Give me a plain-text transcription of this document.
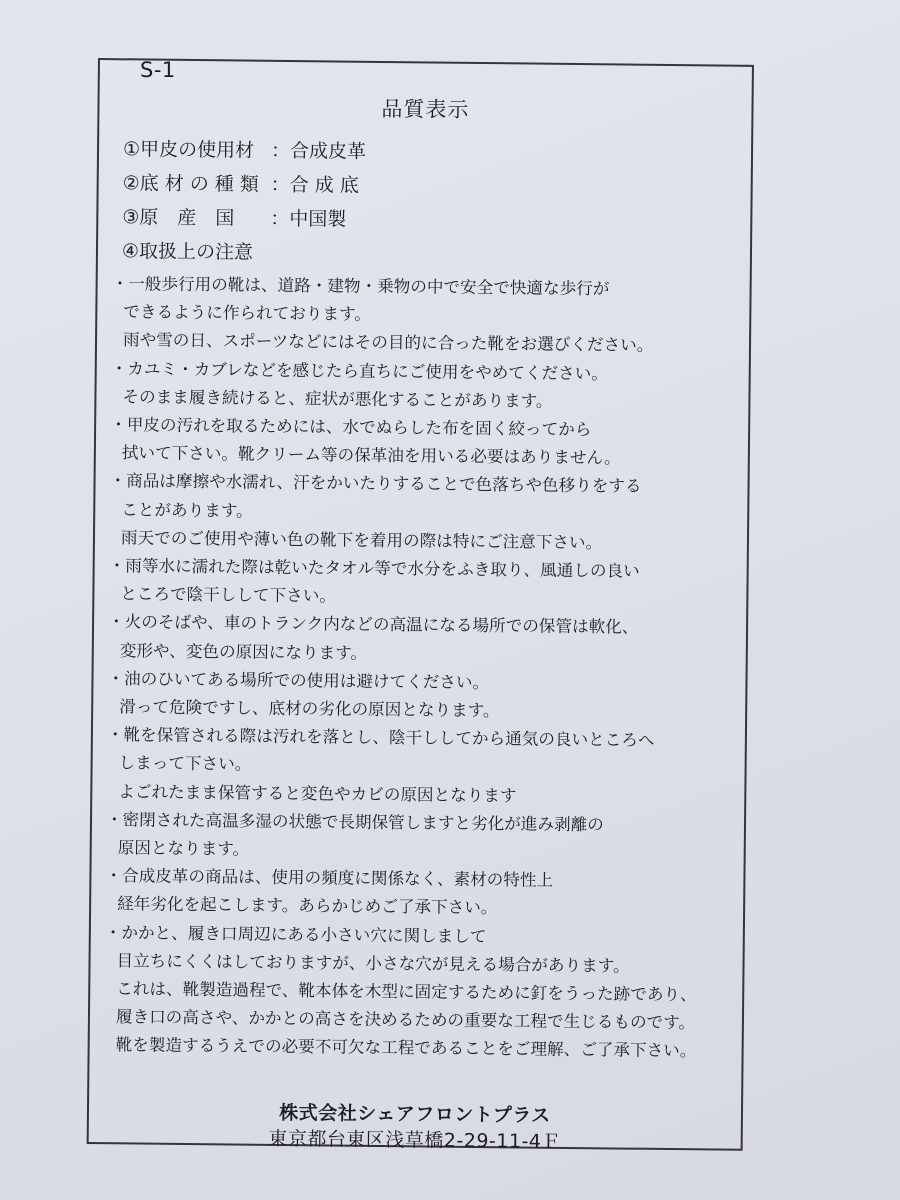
S-1
品質表示
①甲皮の使用材 ：合成皮革
②底 材 の 種 類 ：合 成 底
③原　産　国 ：中国製
④取扱上の注意
・ 一般歩行用の靴は、道路・建物・乗物の中で安全で快適な歩行が
できるように作られております。
雨や雪の日、スポーツなどにはその目的に合った靴をお選びください。
・ カユミ・カブレなどを感じたら直ちにご使用をやめてください。
そのまま履き続けると、症状が悪化することがあります。
・ 甲皮の汚れを取るためには、水でぬらした布を固く絞ってから
拭いて下さい。靴クリーム等の保革油を用いる必要はありません。
・ 商品は摩擦や水濡れ、汗をかいたりすることで色落ちや色移りをする
ことがあります。
雨天でのご使用や薄い色の靴下を着用の際は特にご注意下さい。
・ 雨等水に濡れた際は乾いたタオル等で水分をふき取り、風通しの良い
ところで陰干しして下さい。
・ 火のそばや、車のトランク内などの高温になる場所での保管は軟化、
変形や、変色の原因になります。
・ 油のひいてある場所での使用は避けてください。
滑って危険ですし、底材の劣化の原因となります。
・ 靴を保管される際は汚れを落とし、陰干ししてから通気の良いところへ
しまって下さい。
よごれたまま保管すると変色やカビの原因となります
・ 密閉された高温多湿の状態で長期保管しますと劣化が進み剥離の
原因となります。
・ 合成皮革の商品は、使用の頻度に関係なく、素材の特性上
経年劣化を起こします。あらかじめご了承下さい。
・ かかと、履き口周辺にある小さい穴に関しまして
目立ちにくくはしておりますが、小さな穴が見える場合があります。
これは、靴製造過程で、靴本体を木型に固定するために釘をうった跡であり、
履き口の高さや、かかとの高さを決めるための重要な工程で生じるものです。
靴を製造するうえでの必要不可欠な工程であることをご理解、ご了承下さい。
株式会社シェアフロントプラス
東京都台東区浅草橋2-29-11-4Ｆ
